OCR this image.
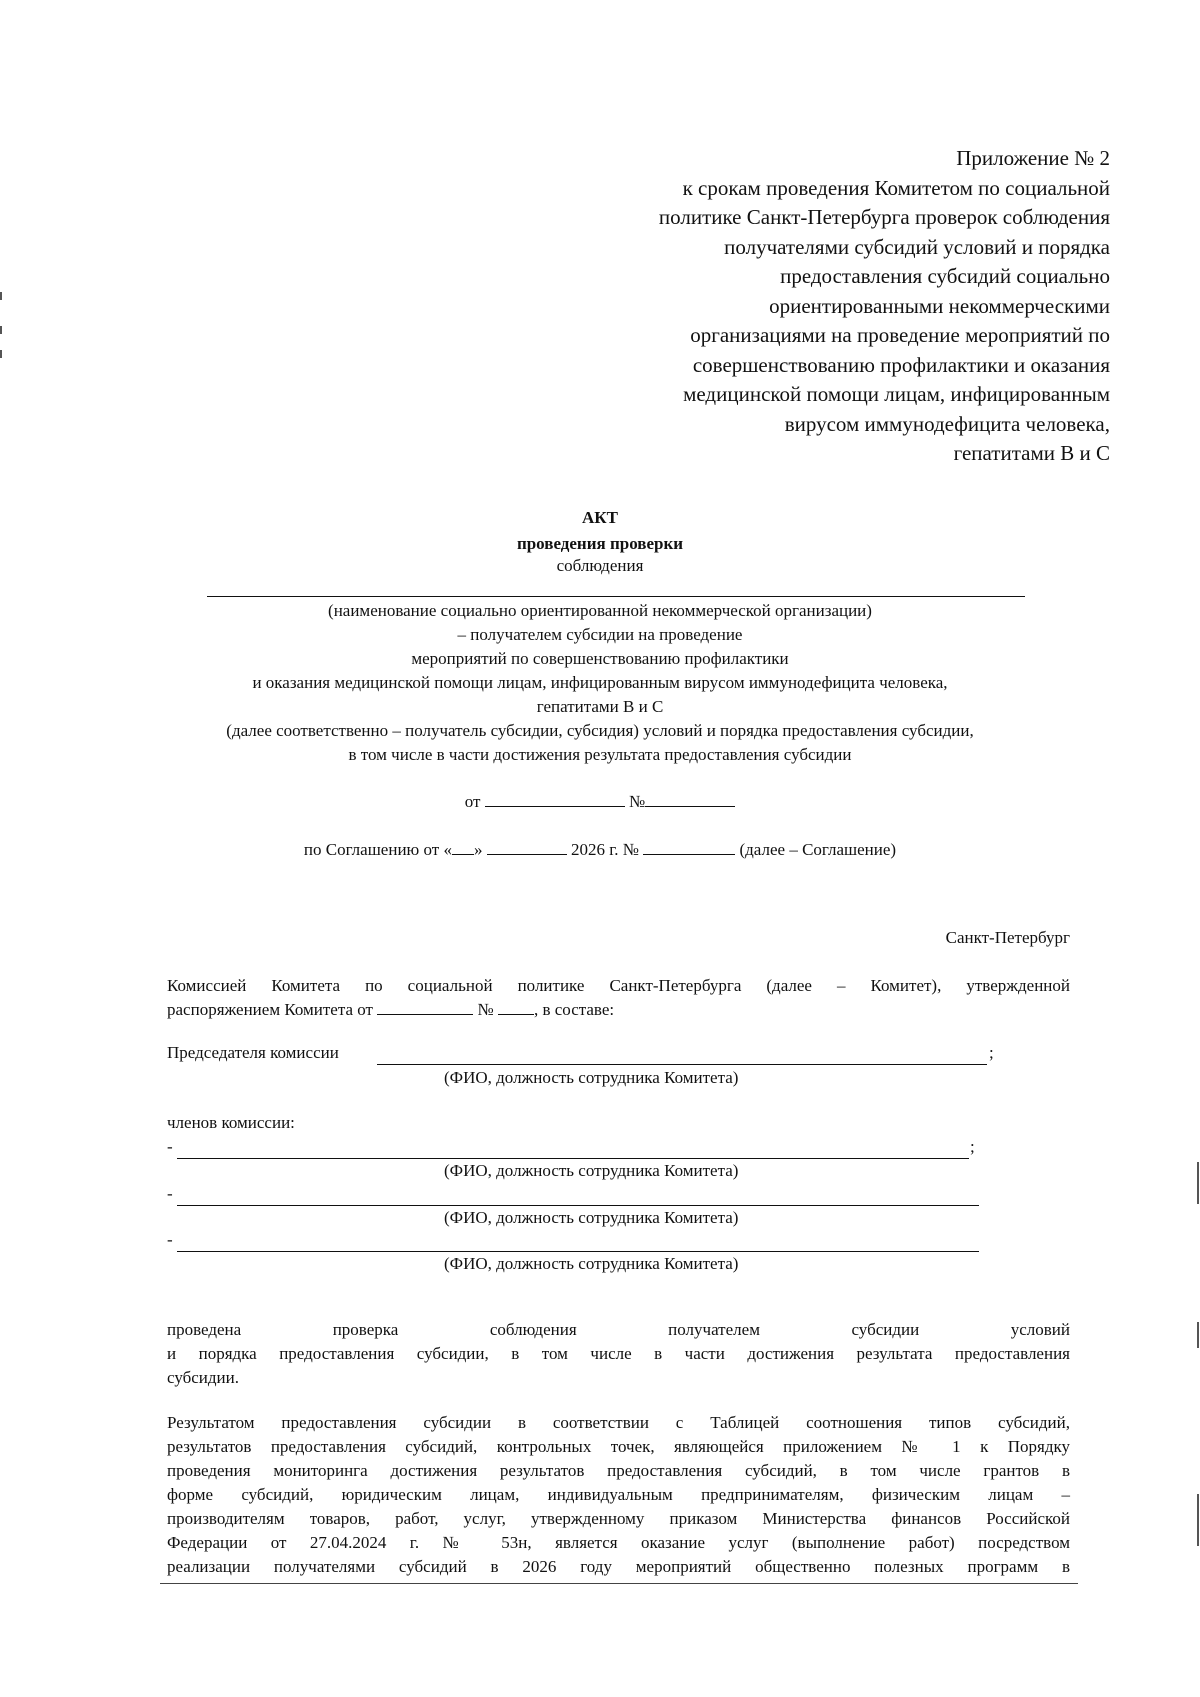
Приложение № 2

к срокам проведения Комитетом по социальной

политике Санкт-Петербурга проверок соблюдения

получателями субсидий условий и порядка

предоставления субсидий социально

ориентированными некоммерческими

организациями на проведение мероприятий по

совершенствованию профилактики и оказания

медицинской помощи лицам, инфицированным

вирусом иммунодефицита человека,

гепатитами В и С

АКТ
проведения проверки
соблюдения
(наименование социально ориентированной некоммерческой организации)
– получателем субсидии на проведение
мероприятий по совершенствованию профилактики
и оказания медицинской помощи лицам, инфицированным вирусом иммунодефицита человека,
гепатитами В и С
(далее соответственно – получатель субсидии, субсидия) условий и порядка предоставления субсидии,
в том числе в части достижения результата предоставления субсидии
от	№
по Соглашению от « »	2026 г. №	(далее – Соглашение)
Санкт-Петербург
Комиссией Комитета по социальной политике Санкт-Петербурга (далее – Комитет), утвержденной
распоряжением Комитета от	№ , в составе:
Председателя комиссии	;
(ФИО, должность сотрудника Комитета)
членов комиссии:
-	;
(ФИО, должность сотрудника Комитета)
-
(ФИО, должность сотрудника Комитета)
-
(ФИО, должность сотрудника Комитета)
проведена	проверка	соблюдения	получателем	субсидии	условий
и порядка предоставления субсидии, в том числе в части достижения результата предоставления
субсидии.
Результатом предоставления субсидии в соответствии с Таблицей соотношения типов субсидий,
результатов предоставления субсидий, контрольных точек, являющейся приложением № 1 к Порядку
проведения мониторинга достижения результатов предоставления субсидий, в том числе грантов в
форме субсидий, юридическим лицам, индивидуальным предпринимателям, физическим лицам –
производителям товаров, работ, услуг, утвержденному приказом Министерства финансов Российской
Федерации от 27.04.2024 г. № 53н, является оказание услуг (выполнение работ) посредством
реализации получателями субсидий в 2026 году мероприятий общественно полезных программ в
